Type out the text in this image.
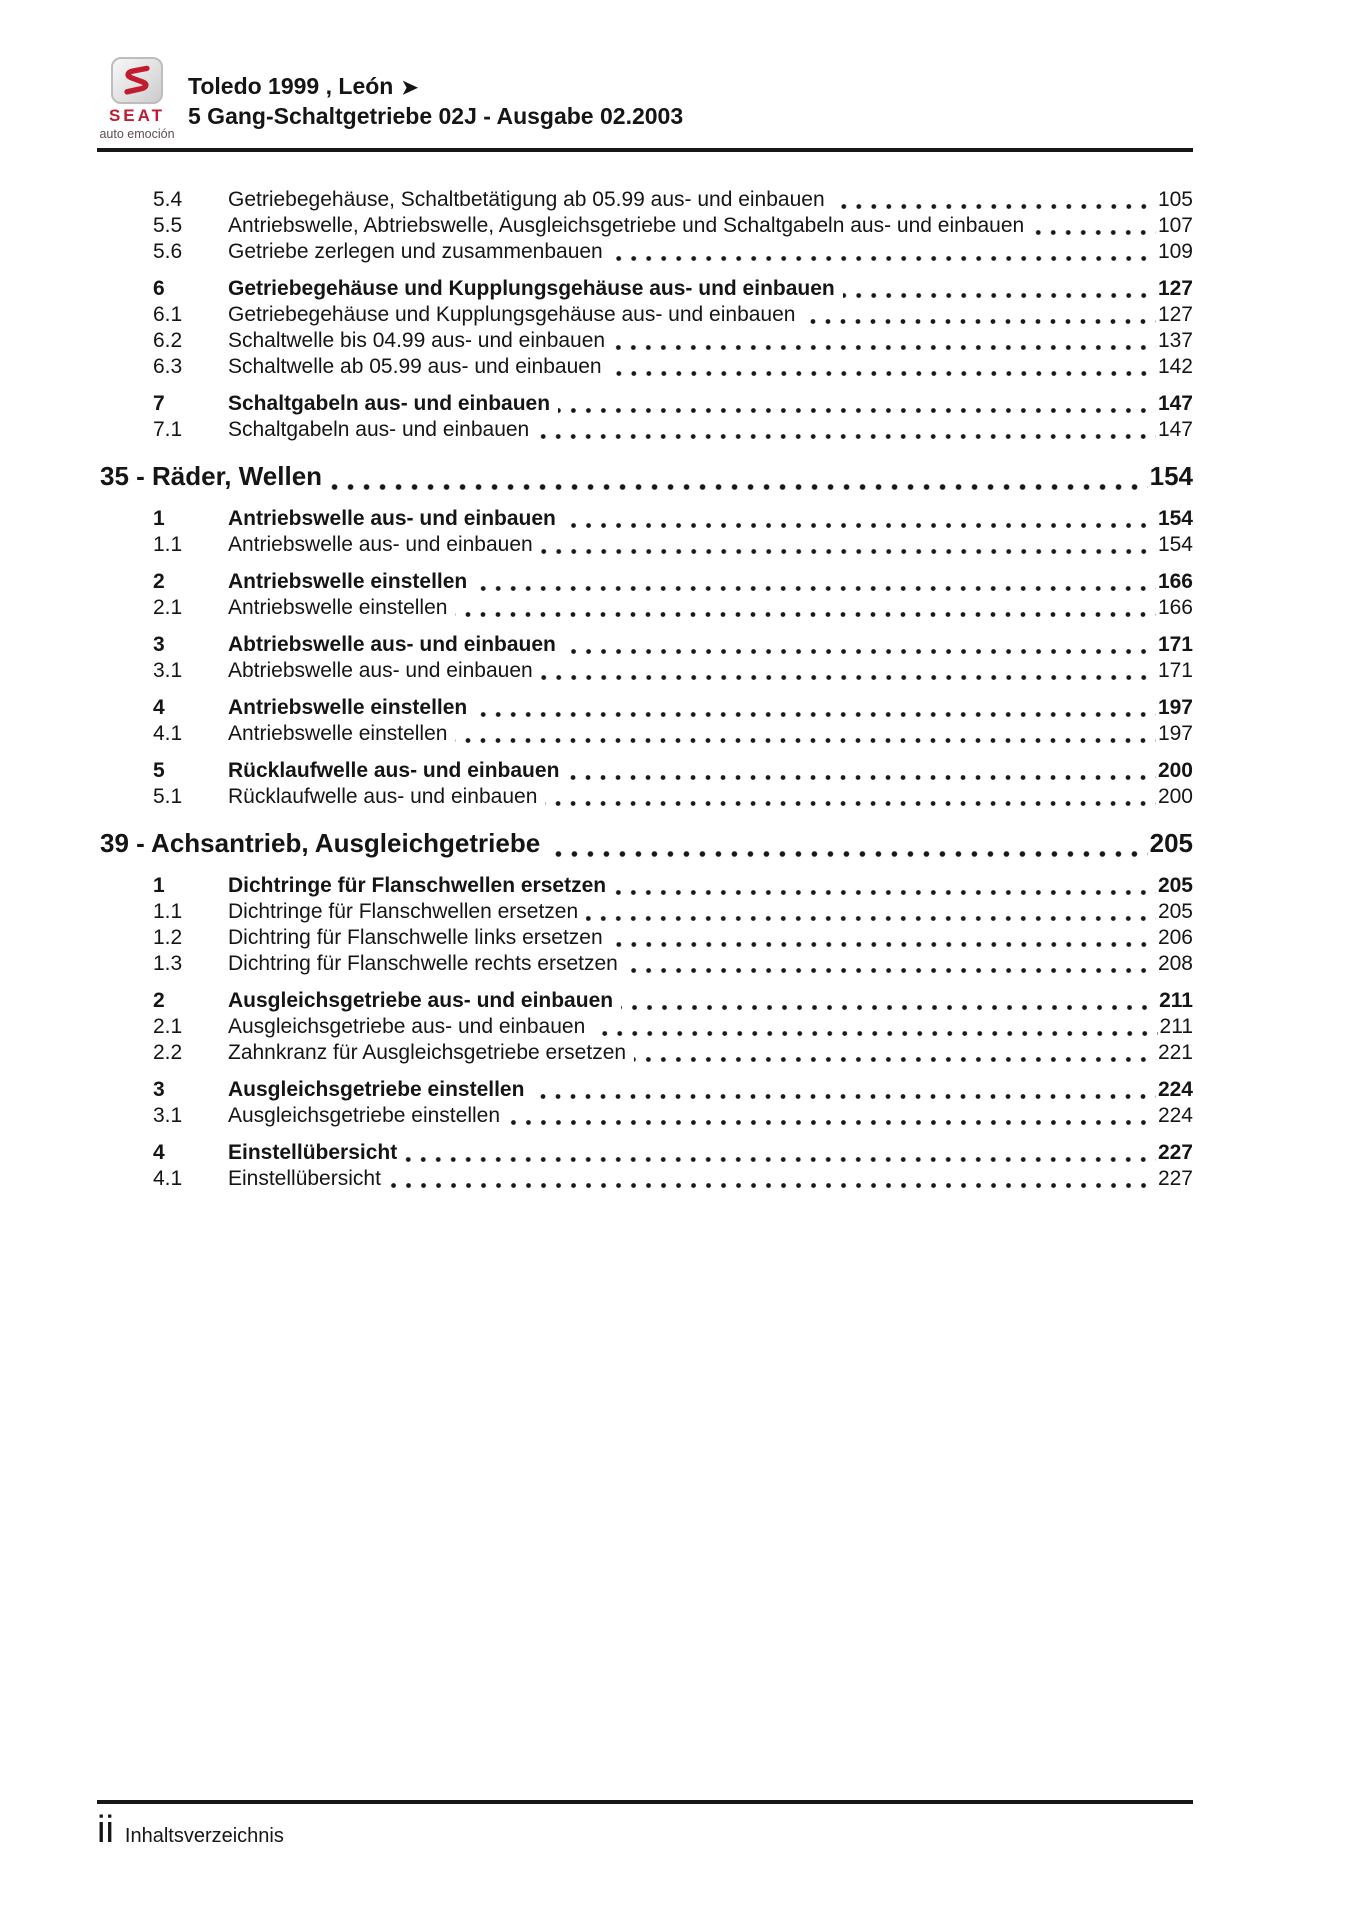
SEAT
auto emoción
Toledo 1999 , León ➤
5 Gang-Schaltgetriebe 02J - Ausgabe 02.2003
5.4	Getriebegehäuse, Schaltbetätigung ab 05.99 aus- und einbauen	105
5.5	Antriebswelle, Abtriebswelle, Ausgleichsgetriebe und Schaltgabeln aus- und einbauen	107
5.6	Getriebe zerlegen und zusammenbauen	109
6	Getriebegehäuse und Kupplungsgehäuse aus- und einbauen	127
6.1	Getriebegehäuse und Kupplungsgehäuse aus- und einbauen	127
6.2	Schaltwelle bis 04.99 aus- und einbauen	137
6.3	Schaltwelle ab 05.99 aus- und einbauen	142
7	Schaltgabeln aus- und einbauen	147
7.1	Schaltgabeln aus- und einbauen	147
35 - Räder, Wellen	154
1	Antriebswelle aus- und einbauen	154
1.1	Antriebswelle aus- und einbauen	154
2	Antriebswelle einstellen	166
2.1	Antriebswelle einstellen	166
3	Abtriebswelle aus- und einbauen	171
3.1	Abtriebswelle aus- und einbauen	171
4	Antriebswelle einstellen	197
4.1	Antriebswelle einstellen	197
5	Rücklaufwelle aus- und einbauen	200
5.1	Rücklaufwelle aus- und einbauen	200
39 - Achsantrieb, Ausgleichgetriebe	205
1	Dichtringe für Flanschwellen ersetzen	205
1.1	Dichtringe für Flanschwellen ersetzen	205
1.2	Dichtring für Flanschwelle links ersetzen	206
1.3	Dichtring für Flanschwelle rechts ersetzen	208
2	Ausgleichsgetriebe aus- und einbauen	211
2.1	Ausgleichsgetriebe aus- und einbauen	211
2.2	Zahnkranz für Ausgleichsgetriebe ersetzen	221
3	Ausgleichsgetriebe einstellen	224
3.1	Ausgleichsgetriebe einstellen	224
4	Einstellübersicht	227
4.1	Einstellübersicht	227
ii Inhaltsverzeichnis
